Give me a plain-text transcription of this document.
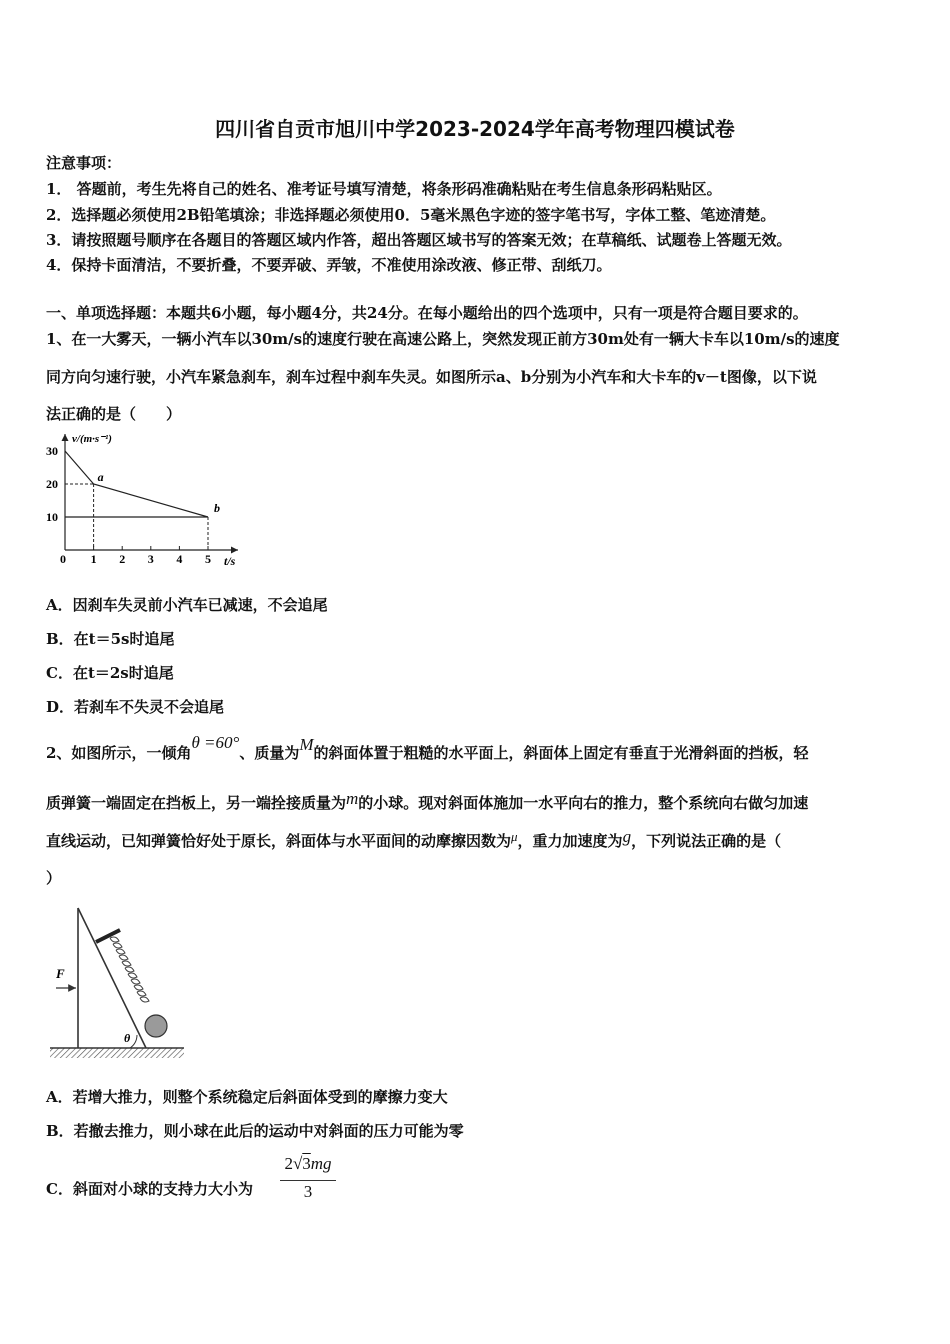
四川省自贡市旭川中学2023-2024学年高考物理四模试卷
注意事项：
1． 答题前，考生先将自己的姓名、准考证号填写清楚，将条形码准确粘贴在考生信息条形码粘贴区。
2．选择题必须使用2B铅笔填涂；非选择题必须使用0．5毫米黑色字迹的签字笔书写，字体工整、笔迹清楚。
3．请按照题号顺序在各题目的答题区域内作答，超出答题区域书写的答案无效；在草稿纸、试题卷上答题无效。
4．保持卡面清洁，不要折叠，不要弄破、弄皱，不准使用涂改液、修正带、刮纸刀。
一、单项选择题：本题共6小题，每小题4分，共24分。在每小题给出的四个选项中，只有一项是符合题目要求的。
1、在一大雾天，一辆小汽车以30m/s的速度行驶在高速公路上，突然发现正前方30m处有一辆大卡车以10m/s的速度
同方向匀速行驶，小汽车紧急刹车，刹车过程中刹车失灵。如图所示a、b分别为小汽车和大卡车的v－t图像，以下说
法正确的是（　　）
v/(m·s⁻¹)
t/s
0 1 2 3 4 5
10
20
30
a
b
A．因刹车失灵前小汽车已减速，不会追尾
B．在t＝5s时追尾
C．在t＝2s时追尾
D．若刹车不失灵不会追尾
2、如图所示，一倾角θ =60°、质量为M的斜面体置于粗糙的水平面上，斜面体上固定有垂直于光滑斜面的挡板，轻
质弹簧一端固定在挡板上，另一端拴接质量为m的小球。现对斜面体施加一水平向右的推力，整个系统向右做匀加速
直线运动，已知弹簧恰好处于原长，斜面体与水平面间的动摩擦因数为μ，重力加速度为g，下列说法正确的是（
）
θ
F
A．若增大推力，则整个系统稳定后斜面体受到的摩擦力变大
B．若撤去推力，则小球在此后的运动中对斜面的压力可能为零
C．斜面对小球的支持力大小为
2√3mg
3
